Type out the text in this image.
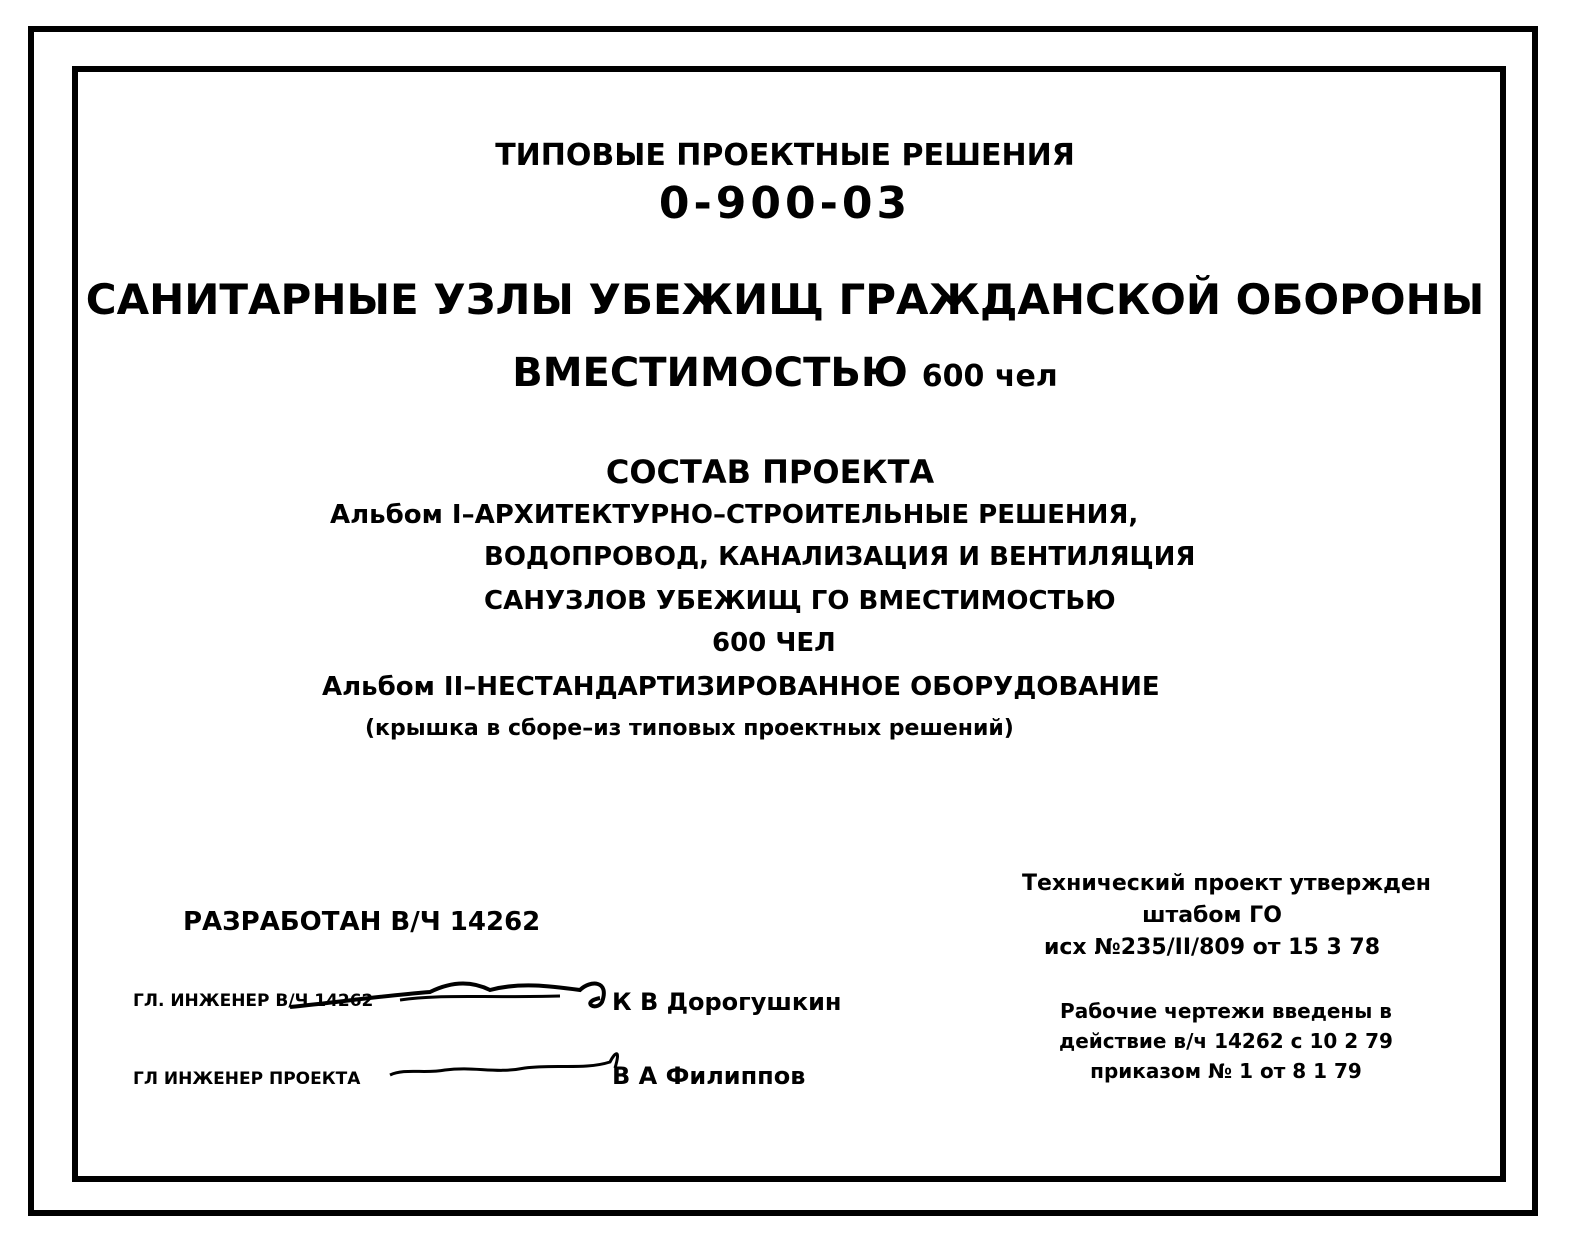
ТИПОВЫЕ ПРОЕКТНЫЕ РЕШЕНИЯ
0-900-03
САНИТАРНЫЕ УЗЛЫ УБЕЖИЩ ГРАЖДАНСКОЙ ОБОРОНЫ
ВМЕСТИМОСТЬЮ 600 чел
СОСТАВ ПРОЕКТА
Альбом I–АРХИТЕКТУРНО–СТРОИТЕЛЬНЫЕ РЕШЕНИЯ,
ВОДОПРОВОД, КАНАЛИЗАЦИЯ И ВЕНТИЛЯЦИЯ
САНУЗЛОВ УБЕЖИЩ ГО ВМЕСТИМОСТЬЮ
600 ЧЕЛ
Альбом II–НЕСТАНДАРТИЗИРОВАННОЕ ОБОРУДОВАНИЕ
(крышка в сборе–из типовых проектных решений)
РАЗРАБОТАН В/Ч 14262
ГЛ. ИНЖЕНЕР В/Ч 14262	К В Дорогушкин
ГЛ ИНЖЕНЕР ПРОЕКТА	В А Филиппов
Технический проект утвержден
штабом ГО
исх №235/II/809 от 15 3 78
Рабочие чертежи введены в
действие в/ч 14262 с 10 2 79
приказом № 1 от 8 1 79
